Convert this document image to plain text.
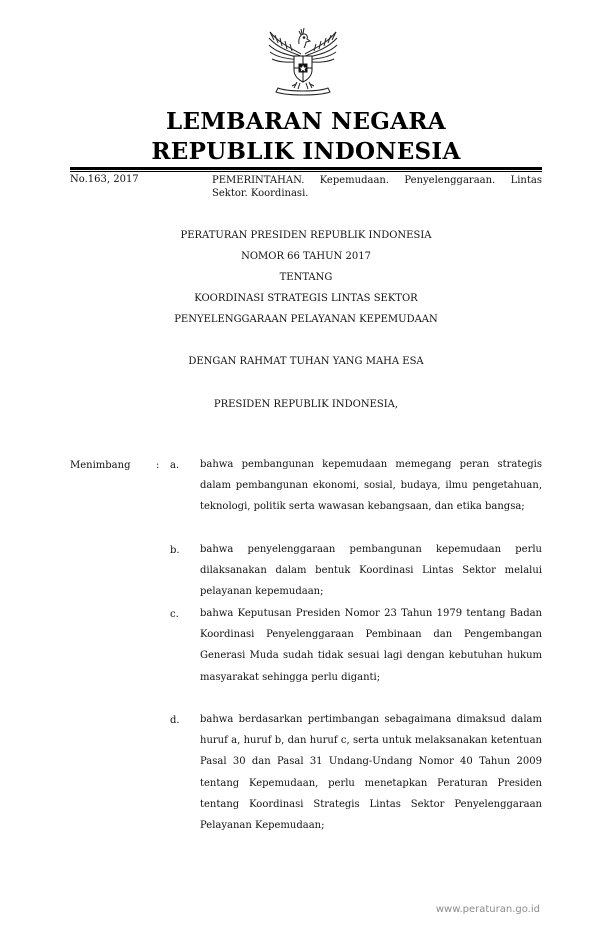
LEMBARAN NEGARA
REPUBLIK INDONESIA
No.163, 2017	PEMERINTAHAN. Kepemudaan. Penyelenggaraan. Lintas Sektor. Koordinasi.
PERATURAN PRESIDEN REPUBLIK INDONESIA
NOMOR 66 TAHUN 2017
TENTANG
KOORDINASI STRATEGIS LINTAS SEKTOR
PENYELENGGARAAN PELAYANAN KEPEMUDAAN
DENGAN RAHMAT TUHAN YANG MAHA ESA
PRESIDEN REPUBLIK INDONESIA,
Menimbang	: a. bahwa pembangunan kepemudaan memegang peran strategis dalam pembangunan ekonomi, sosial, budaya, ilmu pengetahuan, teknologi, politik serta wawasan kebangsaan, dan etika bangsa;
b. bahwa penyelenggaraan pembangunan kepemudaan perlu dilaksanakan dalam bentuk Koordinasi Lintas Sektor melalui pelayanan kepemudaan;
c. bahwa Keputusan Presiden Nomor 23 Tahun 1979 tentang Badan Koordinasi Penyelenggaraan Pembinaan dan Pengembangan Generasi Muda sudah tidak sesuai lagi dengan kebutuhan hukum masyarakat sehingga perlu diganti;
d. bahwa berdasarkan pertimbangan sebagaimana dimaksud dalam huruf a, huruf b, dan huruf c, serta untuk melaksanakan ketentuan Pasal 30 dan Pasal 31 Undang-Undang Nomor 40 Tahun 2009 tentang Kepemudaan, perlu menetapkan Peraturan Presiden tentang Koordinasi Strategis Lintas Sektor Penyelenggaraan Pelayanan Kepemudaan;
www.peraturan.go.id
